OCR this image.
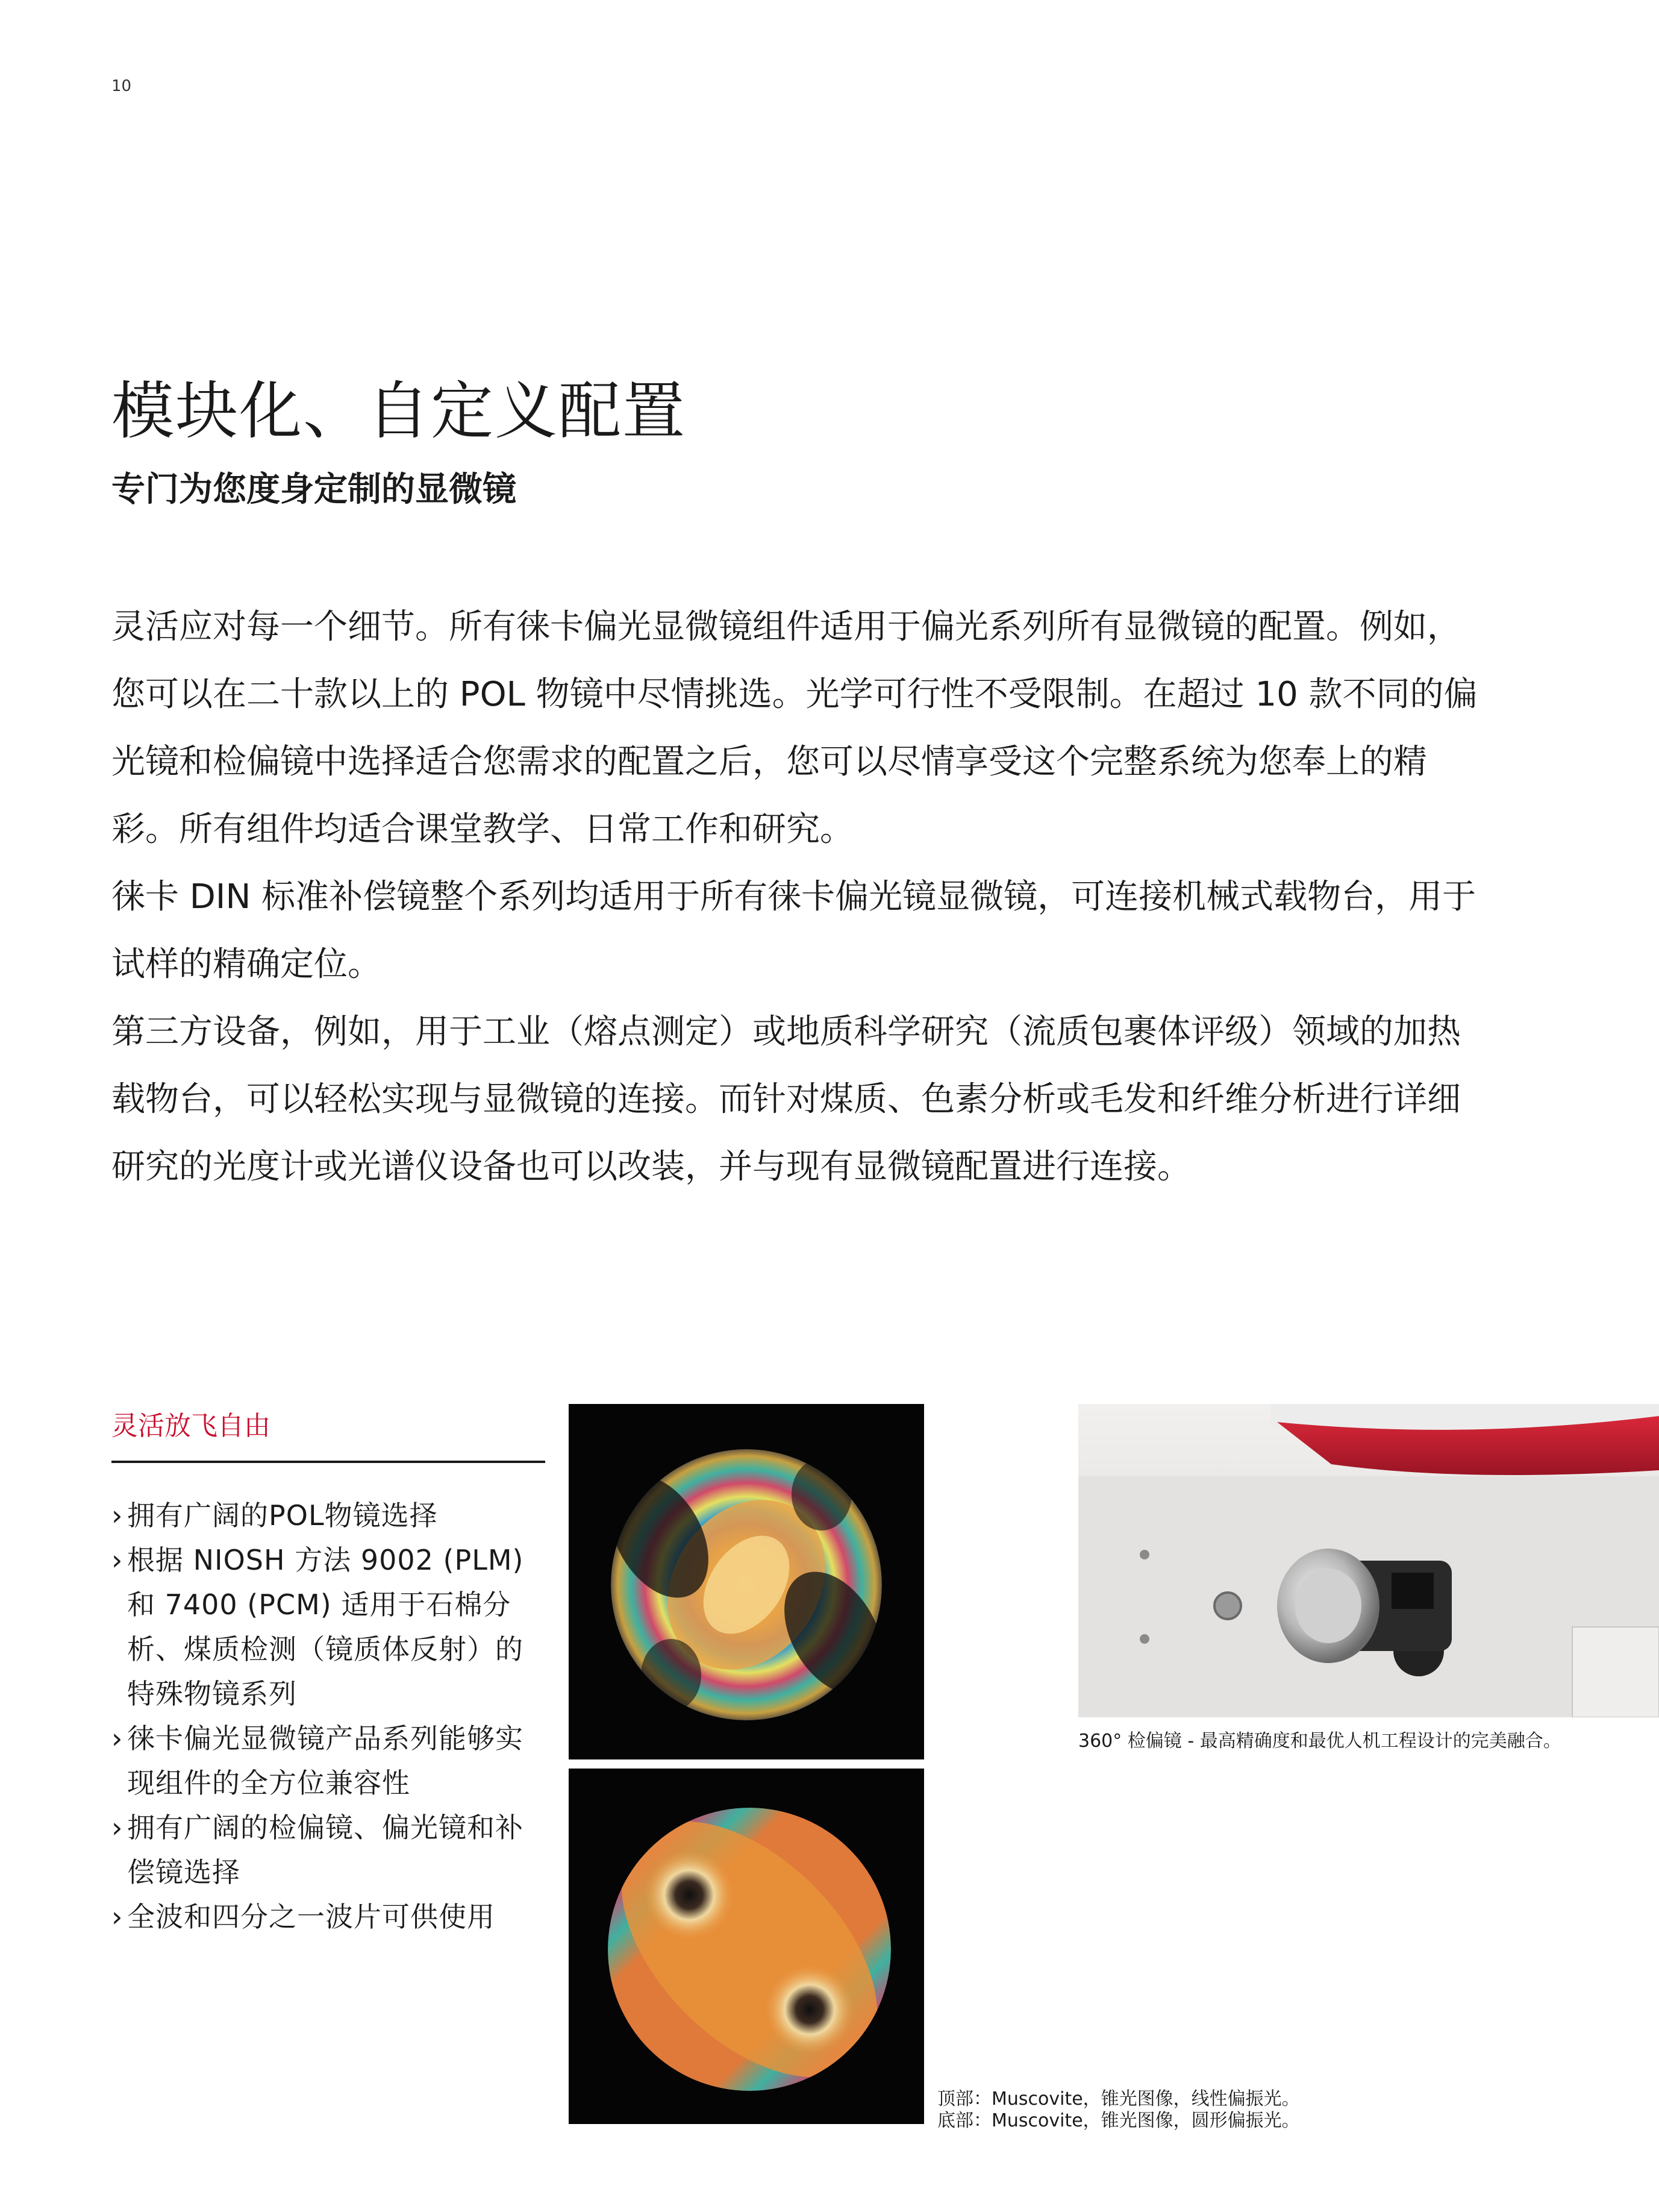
10
模块化、自定义配置
专门为您度身定制的显微镜

灵活应对每一个细节。所有徕卡偏光显微镜组件适用于偏光系列所有显微镜的配置。例如，您可以在二十款以上的 POL 物镜中尽情挑选。光学可行性不受限制。在超过 10 款不同的偏光镜和检偏镜中选择适合您需求的配置之后，您可以尽情享受这个完整系统为您奉上的精彩。所有组件均适合课堂教学、日常工作和研究。

徕卡 DIN 标准补偿镜整个系列均适用于所有徕卡偏光镜显微镜，可连接机械式载物台，用于试样的精确定位。

第三方设备，例如，用于工业（熔点测定）或地质科学研究（流质包裹体评级）领域的加热载物台，可以轻松实现与显微镜的连接。而针对煤质、色素分析或毛发和纤维分析进行详细研究的光度计或光谱仪设备也可以改装，并与现有显微镜配置进行连接。

灵活放飞自由
› 拥有广阔的POL物镜选择
› 根据 NIOSH 方法 9002 (PLM) 和 7400 (PCM) 适用于石棉分析、煤质检测（镜质体反射）的特殊物镜系列
› 徕卡偏光显微镜产品系列能够实现组件的全方位兼容性
› 拥有广阔的检偏镜、偏光镜和补偿镜选择
› 全波和四分之一波片可供使用
360° 检偏镜 - 最高精确度和最优人机工程设计的完美融合。
顶部：Muscovite，锥光图像，线性偏振光。
底部：Muscovite，锥光图像，圆形偏振光。
